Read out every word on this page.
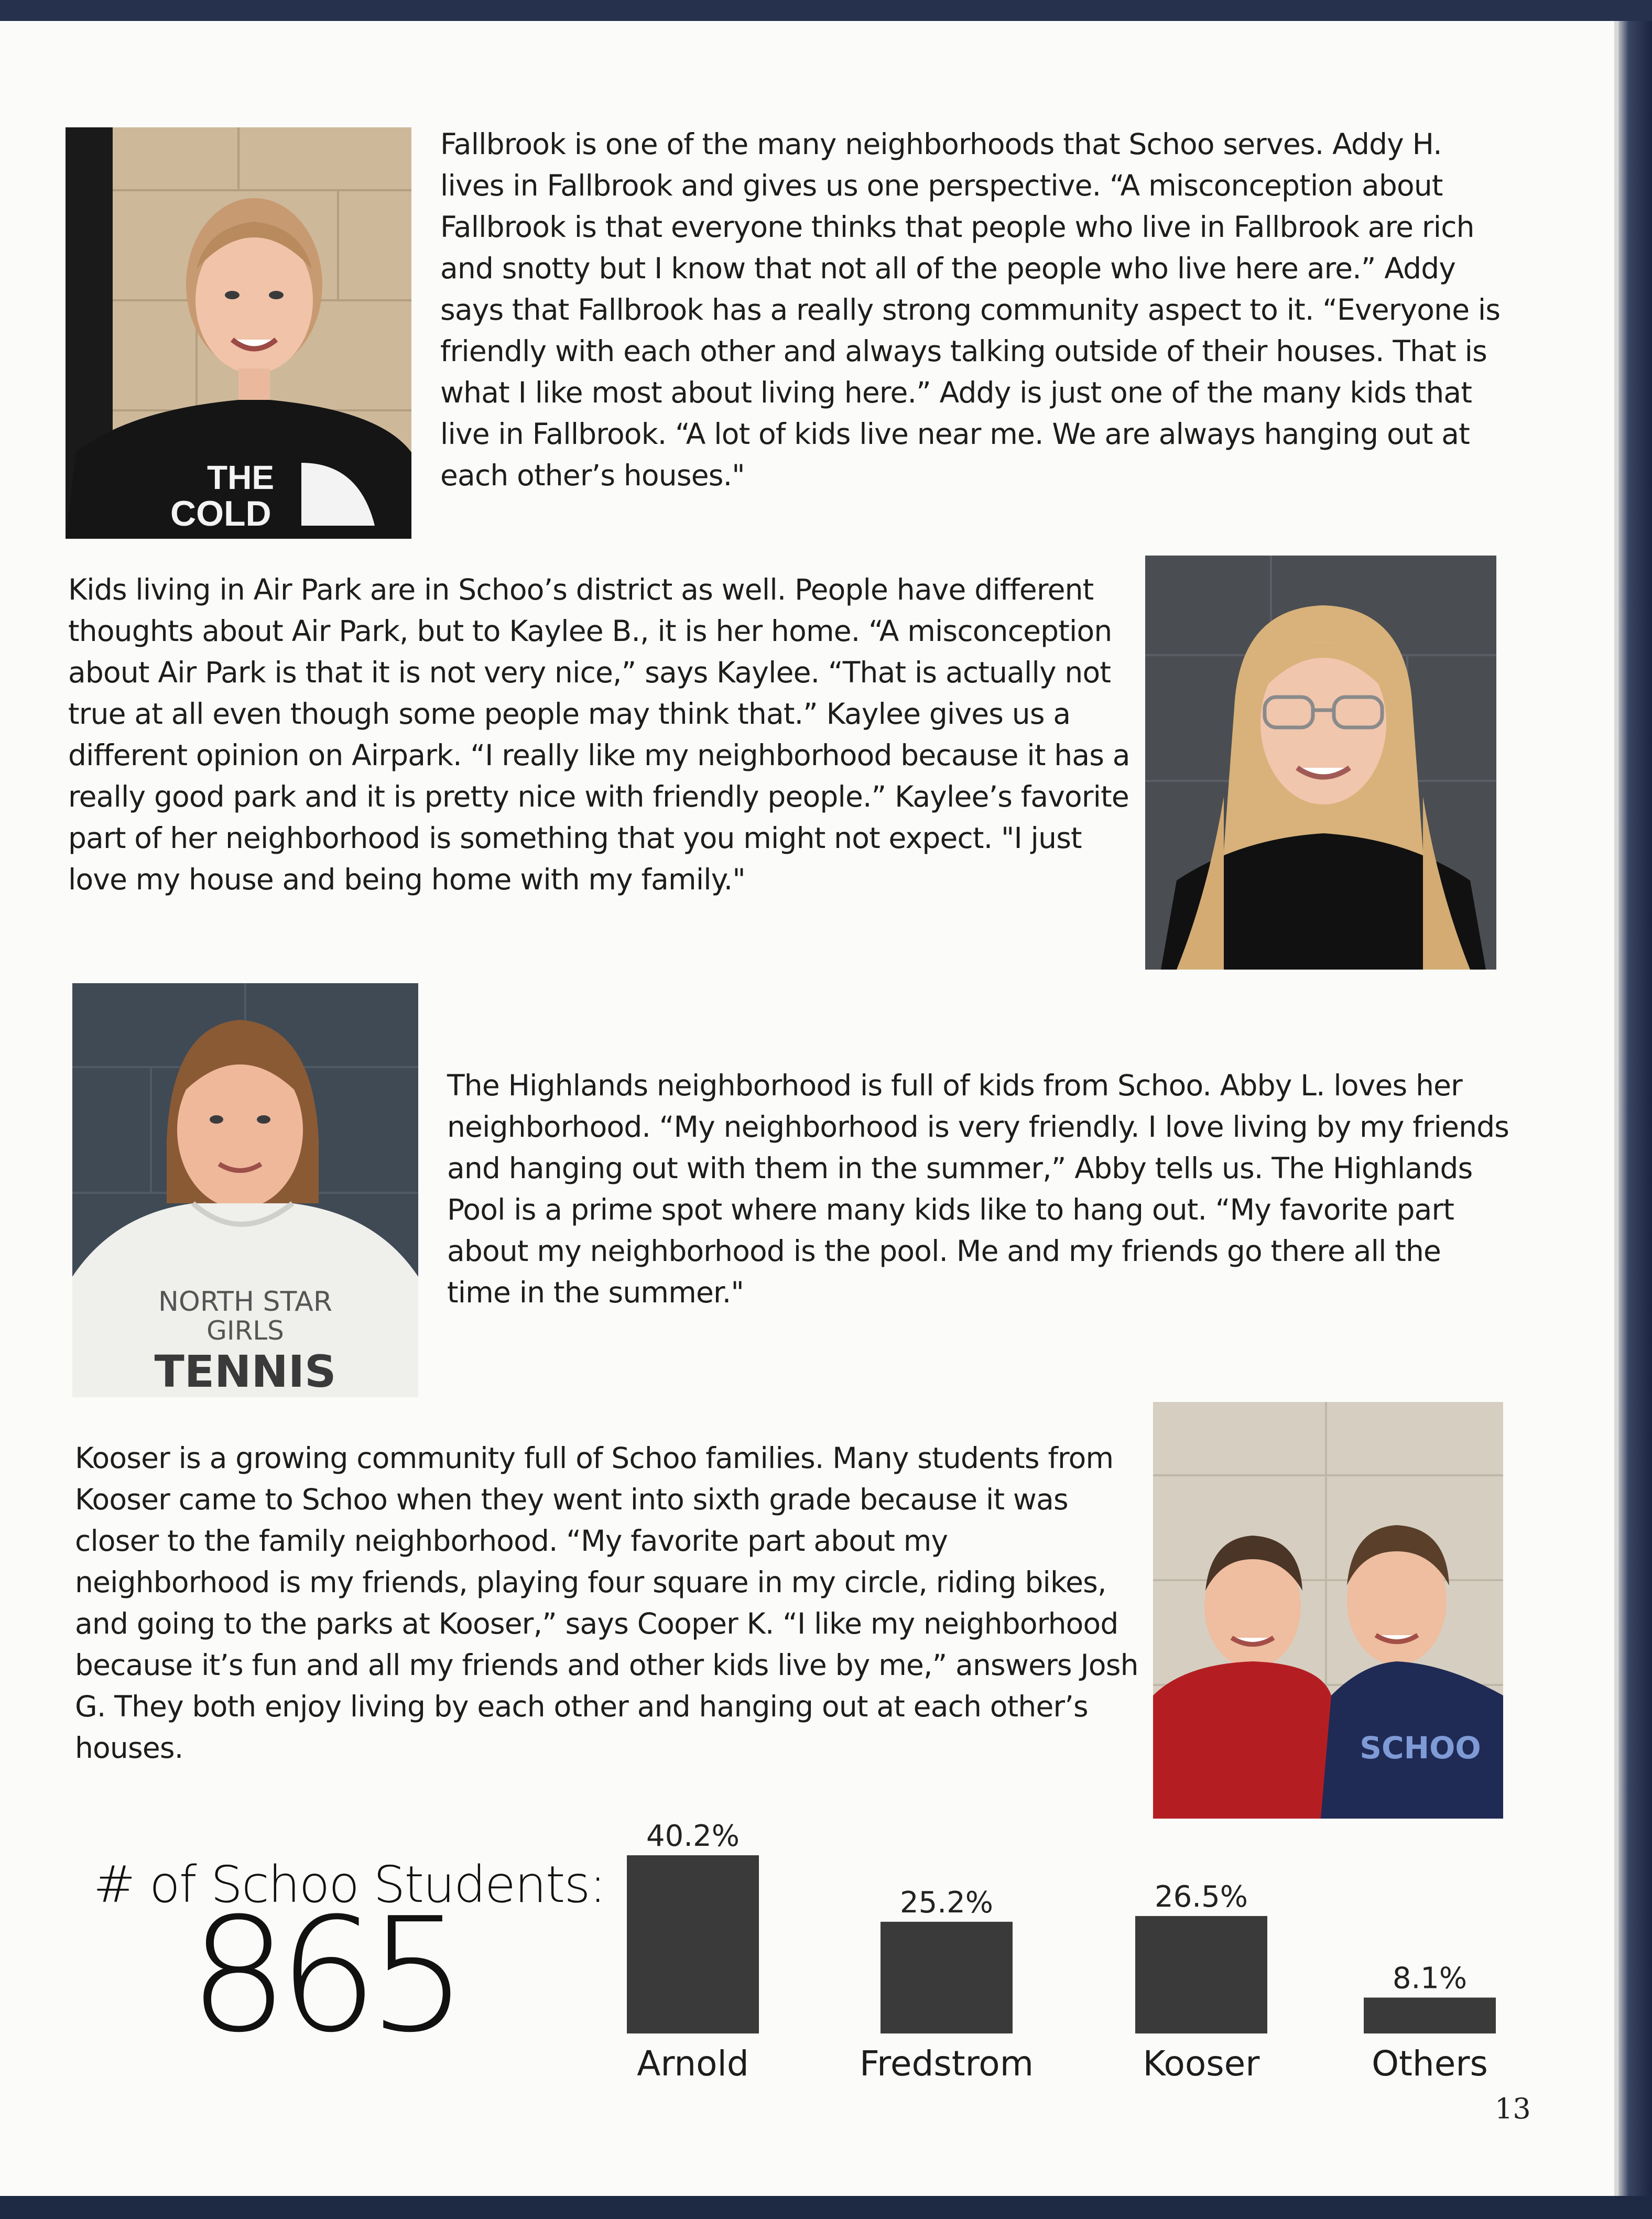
THE
COLD

Fallbrook is one of the many neighborhoods that Schoo serves. Addy H. lives in Fallbrook and gives us one perspective. “A misconception about Fallbrook is that everyone thinks that people who live in Fallbrook are rich and snotty but I know that not all of the people who live here are.” Addy says that Fallbrook has a really strong community aspect to it. “Everyone is friendly with each other and always talking outside of their houses. That is what I like most about living here.” Addy is just one of the many kids that live in Fallbrook. “A lot of kids live near me. We are always hanging out at each other’s houses."

Kids living in Air Park are in Schoo’s district as well. People have different thoughts about Air Park, but to Kaylee B., it is her home. “A misconception about Air Park is that it is not very nice,” says Kaylee. “That is actually not true at all even though some people may think that.” Kaylee gives us a different opinion on Airpark. “I really like my neighborhood because it has a really good park and it is pretty nice with friendly people.” Kaylee’s favorite part of her neighborhood is something that you might not expect. "I just love my house and being home with my family."

NORTH STAR
GIRLS
TENNIS

The Highlands neighborhood is full of kids from Schoo. Abby L. loves her neighborhood. “My neighborhood is very friendly. I love living by my friends and hanging out with them in the summer,” Abby tells us. The Highlands Pool is a prime spot where many kids like to hang out. “My favorite part about my neighborhood is the pool. Me and my friends go there all the time in the summer."

SCHOO

Kooser is a growing community full of Schoo families. Many students from Kooser came to Schoo when they went into sixth grade because it was closer to the family neighborhood. “My favorite part about my neighborhood is my friends, playing four square in my circle, riding bikes, and going to the parks at Kooser,” says Cooper K. “I like my neighborhood because it’s fun and all my friends and other kids live by me,” answers Josh G. They both enjoy living by each other and hanging out at each other’s houses.

# of Schoo Students:

865

40.2%
Arnold
25.2%
Fredstrom
26.5%
Kooser
8.1%
Others
13
